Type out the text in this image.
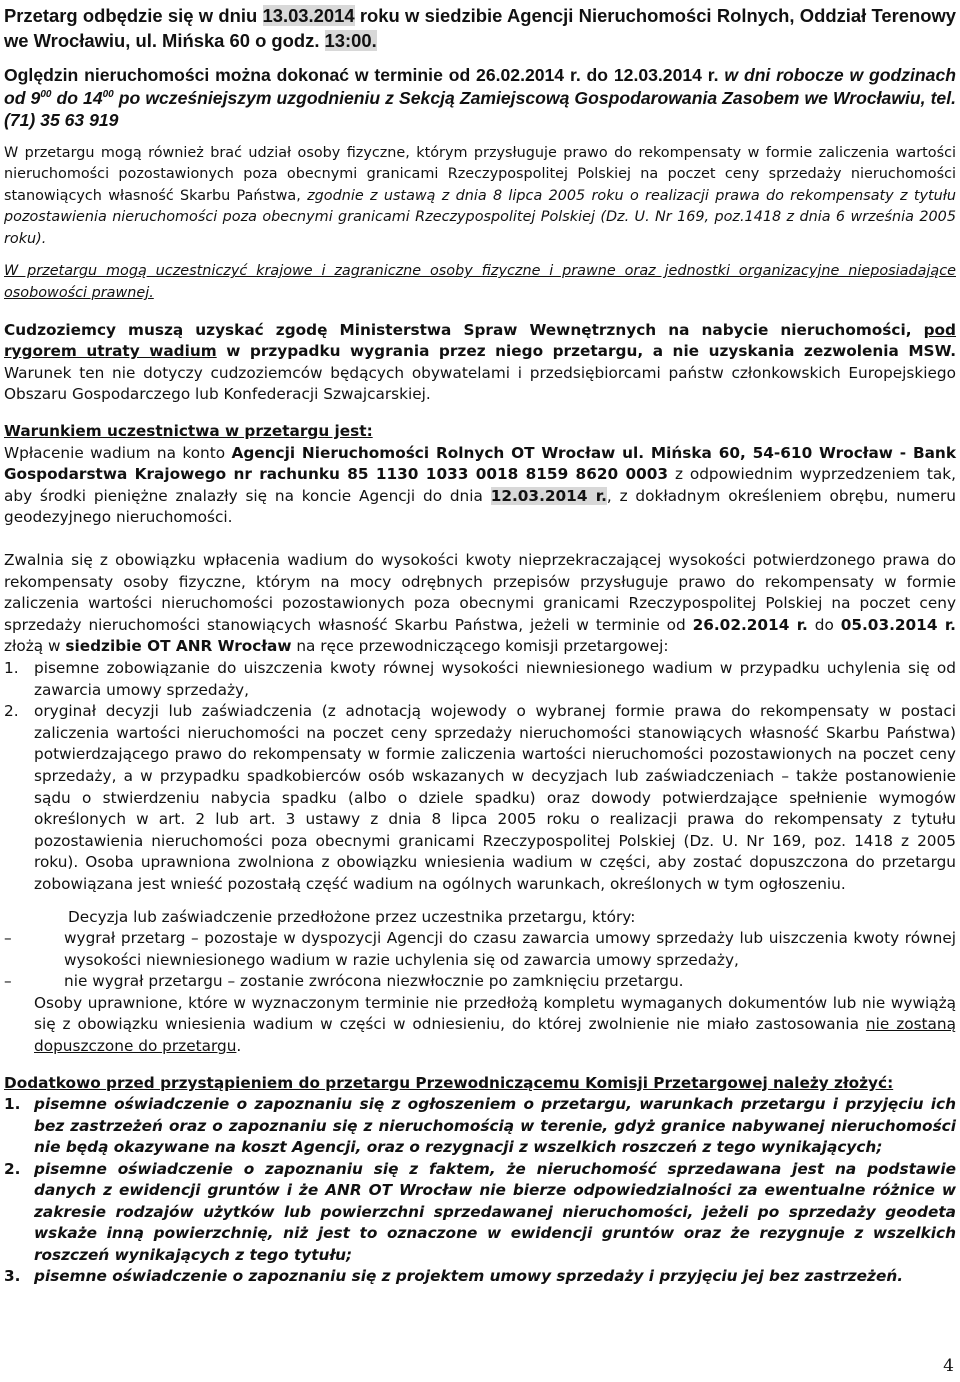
Przetarg odbędzie się w dniu 13.03.2014 roku w siedzibie Agencji Nieruchomości Rolnych, Oddział Terenowy we Wrocławiu, ul. Mińska 60 o godz. 13:00.

Oględzin nieruchomości można dokonać w terminie od 26.02.2014 r. do 12.03.2014 r. w dni robocze w godzinach od $9^{00}$ do $14^{00}$ po wcześniejszym uzgodnieniu z Sekcją Zamiejscową Gospodarowania Zasobem we Wrocławiu, tel. (71) 35 63 919

W przetargu mogą również brać udział osoby fizyczne, którym przysługuje prawo do rekompensaty w formie zaliczenia wartości nieruchomości pozostawionych poza obecnymi granicami Rzeczypospolitej Polskiej na poczet ceny sprzedaży nieruchomości stanowiących własność Skarbu Państwa, zgodnie z ustawą z dnia 8 lipca 2005 roku o realizacji prawa do rekompensaty z tytułu pozostawienia nieruchomości poza obecnymi granicami Rzeczypospolitej Polskiej (Dz. U. Nr 169, poz.1418 z dnia 6 września 2005 roku).

W przetargu mogą uczestniczyć krajowe i zagraniczne osoby fizyczne i prawne oraz jednostki organizacyjne nieposiadające osobowości prawnej.

Cudzoziemcy muszą uzyskać zgodę Ministerstwa Spraw Wewnętrznych na nabycie nieruchomości, pod rygorem utraty wadium w przypadku wygrania przez niego przetargu, a nie uzyskania zezwolenia MSW. Warunek ten nie dotyczy cudzoziemców będących obywatelami i przedsiębiorcami państw członkowskich Europejskiego Obszaru Gospodarczego lub Konfederacji Szwajcarskiej.

Warunkiem uczestnictwa w przetargu jest:

Wpłacenie wadium na konto Agencji Nieruchomości Rolnych OT Wrocław ul. Mińska 60, 54-610 Wrocław - Bank Gospodarstwa Krajowego nr rachunku 85 1130 1033 0018 8159 8620 0003 z odpowiednim wyprzedzeniem tak, aby środki pieniężne znalazły się na koncie Agencji do dnia 12.03.2014 r., z dokładnym określeniem obrębu, numeru geodezyjnego nieruchomości.

Zwalnia się z obowiązku wpłacenia wadium do wysokości kwoty nieprzekraczającej wysokości potwierdzonego prawa do rekompensaty osoby fizyczne, którym na mocy odrębnych przepisów przysługuje prawo do rekompensaty w formie zaliczenia wartości nieruchomości pozostawionych poza obecnymi granicami Rzeczypospolitej Polskiej na poczet ceny sprzedaży nieruchomości stanowiących własność Skarbu Państwa, jeżeli w terminie od 26.02.2014 r. do 05.03.2014 r. złożą w siedzibie OT ANR Wrocław na ręce przewodniczącego komisji przetargowej:

1. pisemne zobowiązanie do uiszczenia kwoty równej wysokości niewniesionego wadium w przypadku uchylenia się od zawarcia umowy sprzedaży,
2. oryginał decyzji lub zaświadczenia (z adnotacją wojewody o wybranej formie prawa do rekompensaty w postaci zaliczenia wartości nieruchomości na poczet ceny sprzedaży nieruchomości stanowiących własność Skarbu Państwa) potwierdzającego prawo do rekompensaty w formie zaliczenia wartości nieruchomości pozostawionych na poczet ceny sprzedaży, a w przypadku spadkobierców osób wskazanych w decyzjach lub zaświadczeniach – także postanowienie sądu o stwierdzeniu nabycia spadku (albo o dziele spadku) oraz dowody potwierdzające spełnienie wymogów określonych w art. 2 lub art. 3 ustawy z dnia 8 lipca 2005 roku o realizacji prawa do rekompensaty z tytułu pozostawienia nieruchomości poza obecnymi granicami Rzeczypospolitej Polskiej (Dz. U. Nr 169, poz. 1418 z 2005 roku). Osoba uprawniona zwolniona z obowiązku wniesienia wadium w części, aby zostać dopuszczona do przetargu zobowiązana jest wnieść pozostałą część wadium na ogólnych warunkach, określonych w tym ogłoszeniu.

Decyzja lub zaświadczenie przedłożone przez uczestnika przetargu, który:

–	wygrał przetarg – pozostaje w dyspozycji Agencji do czasu zawarcia umowy sprzedaży lub uiszczenia kwoty równej wysokości niewniesionego wadium w razie uchylenia się od zawarcia umowy sprzedaży,
–	nie wygrał przetargu – zostanie zwrócona niezwłocznie po zamknięciu przetargu.

Osoby uprawnione, które w wyznaczonym terminie nie przedłożą kompletu wymaganych dokumentów lub nie wywiążą się z obowiązku wniesienia wadium w części w odniesieniu, do której zwolnienie nie miało zastosowania nie zostaną dopuszczone do przetargu.

Dodatkowo przed przystąpieniem do przetargu Przewodniczącemu Komisji Przetargowej należy złożyć:

1. pisemne oświadczenie o zapoznaniu się z ogłoszeniem o przetargu, warunkach przetargu i przyjęciu ich bez zastrzeżeń oraz o zapoznaniu się z nieruchomością w terenie, gdyż granice nabywanej nieruchomości nie będą okazywane na koszt Agencji, oraz o rezygnacji z wszelkich roszczeń z tego wynikających;
2. pisemne oświadczenie o zapoznaniu się z faktem, że nieruchomość sprzedawana jest na podstawie danych z ewidencji gruntów i że ANR OT Wrocław nie bierze odpowiedzialności za ewentualne różnice w zakresie rodzajów użytków lub powierzchni sprzedawanej nieruchomości, jeżeli po sprzedaży geodeta wskaże inną powierzchnię, niż jest to oznaczone w ewidencji gruntów oraz że rezygnuje z wszelkich roszczeń wynikających z tego tytułu;
3. pisemne oświadczenie o zapoznaniu się z projektem umowy sprzedaży i przyjęciu jej bez zastrzeżeń.
4
